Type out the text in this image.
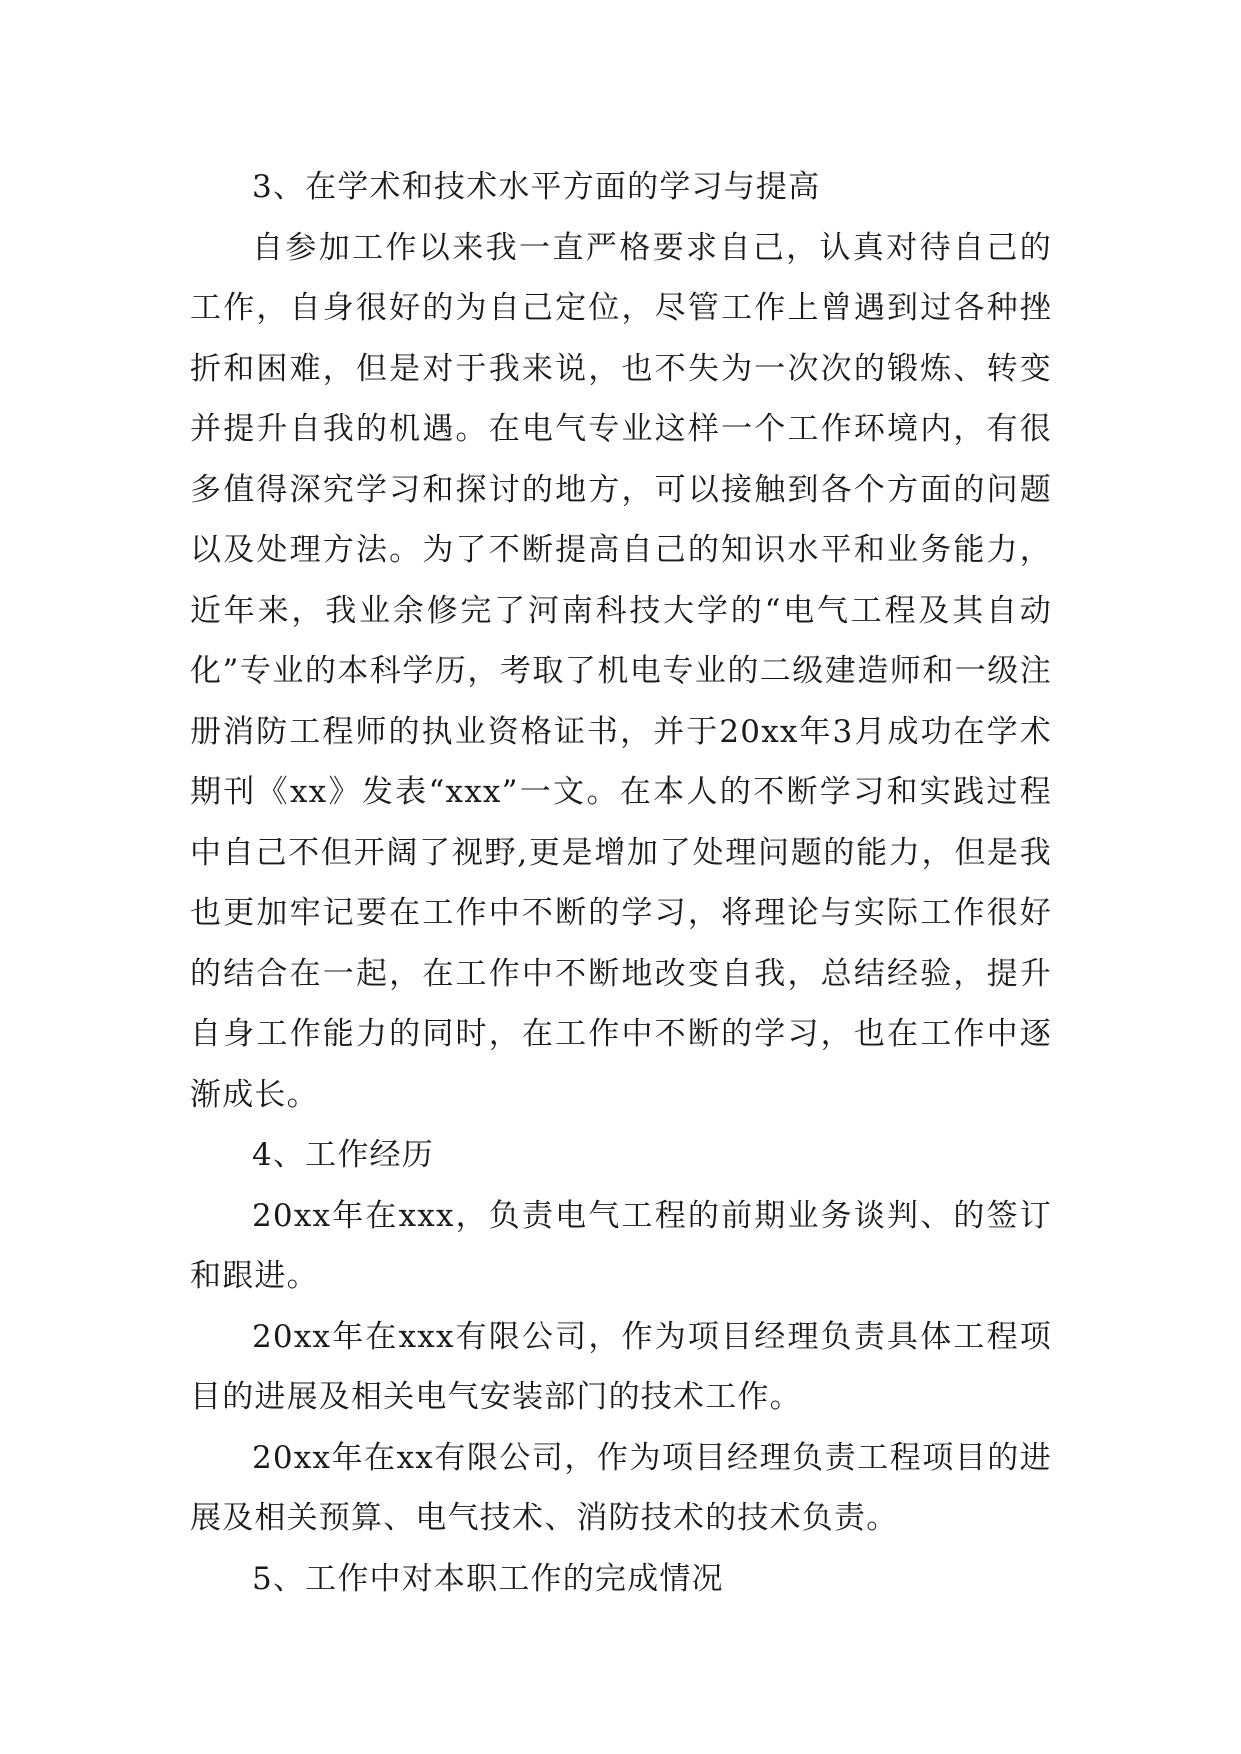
3、在学术和技术水平方面的学习与提高

自参加工作以来我一直严格要求自己，认真对待自己的工作，自身很好的为自己定位，尽管工作上曾遇到过各种挫折和困难，但是对于我来说，也不失为一次次的锻炼、转变并提升自我的机遇。在电气专业这样一个工作环境内，有很多值得深究学习和探讨的地方，可以接触到各个方面的问题以及处理方法。为了不断提高自己的知识水平和业务能力，近年来，我业余修完了河南科技大学的“电气工程及其自动化”专业的本科学历，考取了机电专业的二级建造师和一级注册消防工程师的执业资格证书，并于20xx年3月成功在学术期刊《xx》发表“xxx”一文。在本人的不断学习和实践过程中自己不但开阔了视野,更是增加了处理问题的能力，但是我也更加牢记要在工作中不断的学习，将理论与实际工作很好的结合在一起，在工作中不断地改变自我，总结经验，提升自身工作能力的同时，在工作中不断的学习，也在工作中逐渐成长。

4、工作经历

20xx年在xxx，负责电气工程的前期业务谈判、的签订和跟进。

20xx年在xxx有限公司，作为项目经理负责具体工程项目的进展及相关电气安装部门的技术工作。

20xx年在xx有限公司，作为项目经理负责工程项目的进展及相关预算、电气技术、消防技术的技术负责。

5、工作中对本职工作的完成情况
